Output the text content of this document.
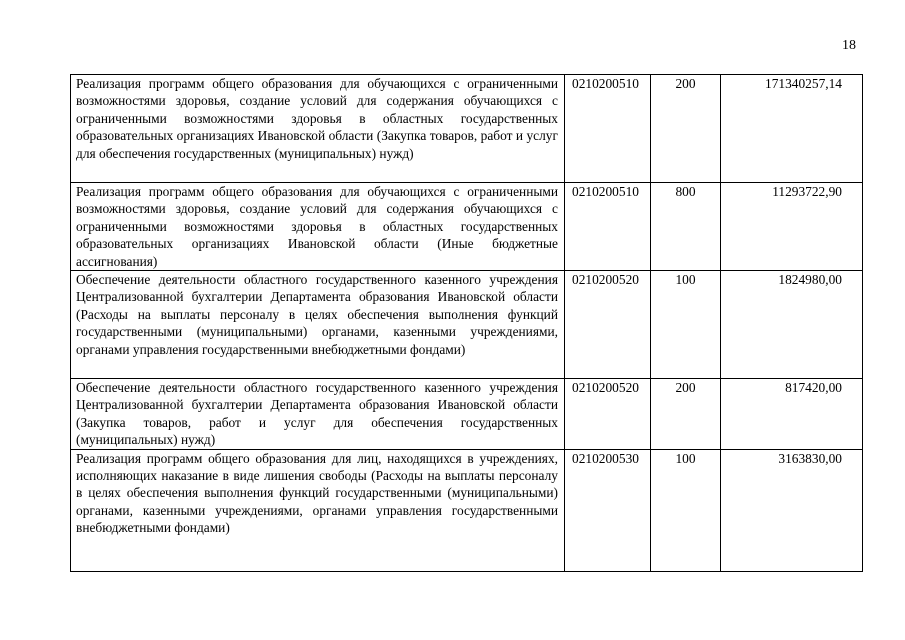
18
Реализация программ общего образования для обучающихся с ограниченными возможностями здоровья, создание условий для содержания обучающихся с ограниченными возможностями здоровья в областных государственных образовательных организациях Ивановской области (Закупка товаров, работ и услуг для обеспечения государственных (муниципальных) нужд)	0210200510	200	171340257,14
Реализация программ общего образования для обучающихся с ограниченными возможностями здоровья, создание условий для содержания обучающихся с ограниченными возможностями здоровья в областных государственных образовательных организациях Ивановской области (Иные бюджетные ассигнования)	0210200510	800	11293722,90
Обеспечение деятельности областного государственного казенного учреждения Централизованной бухгалтерии Департамента образования Ивановской области (Расходы на выплаты персоналу в целях обеспечения выполнения функций государственными (муниципальными) органами, казенными учреждениями, органами управления государственными внебюджетными фондами)	0210200520	100	1824980,00
Обеспечение деятельности областного государственного казенного учреждения Централизованной бухгалтерии Департамента образования Ивановской области (Закупка товаров, работ и услуг для обеспечения государственных (муниципальных) нужд)	0210200520	200	817420,00
Реализация программ общего образования для лиц, находящихся в учреждениях, исполняющих наказание в виде лишения свободы (Расходы на выплаты персоналу в целях обеспечения выполнения функций государственными (муниципальными) органами, казенными учреждениями, органами управления государственными внебюджетными фондами)	0210200530	100	3163830,00
